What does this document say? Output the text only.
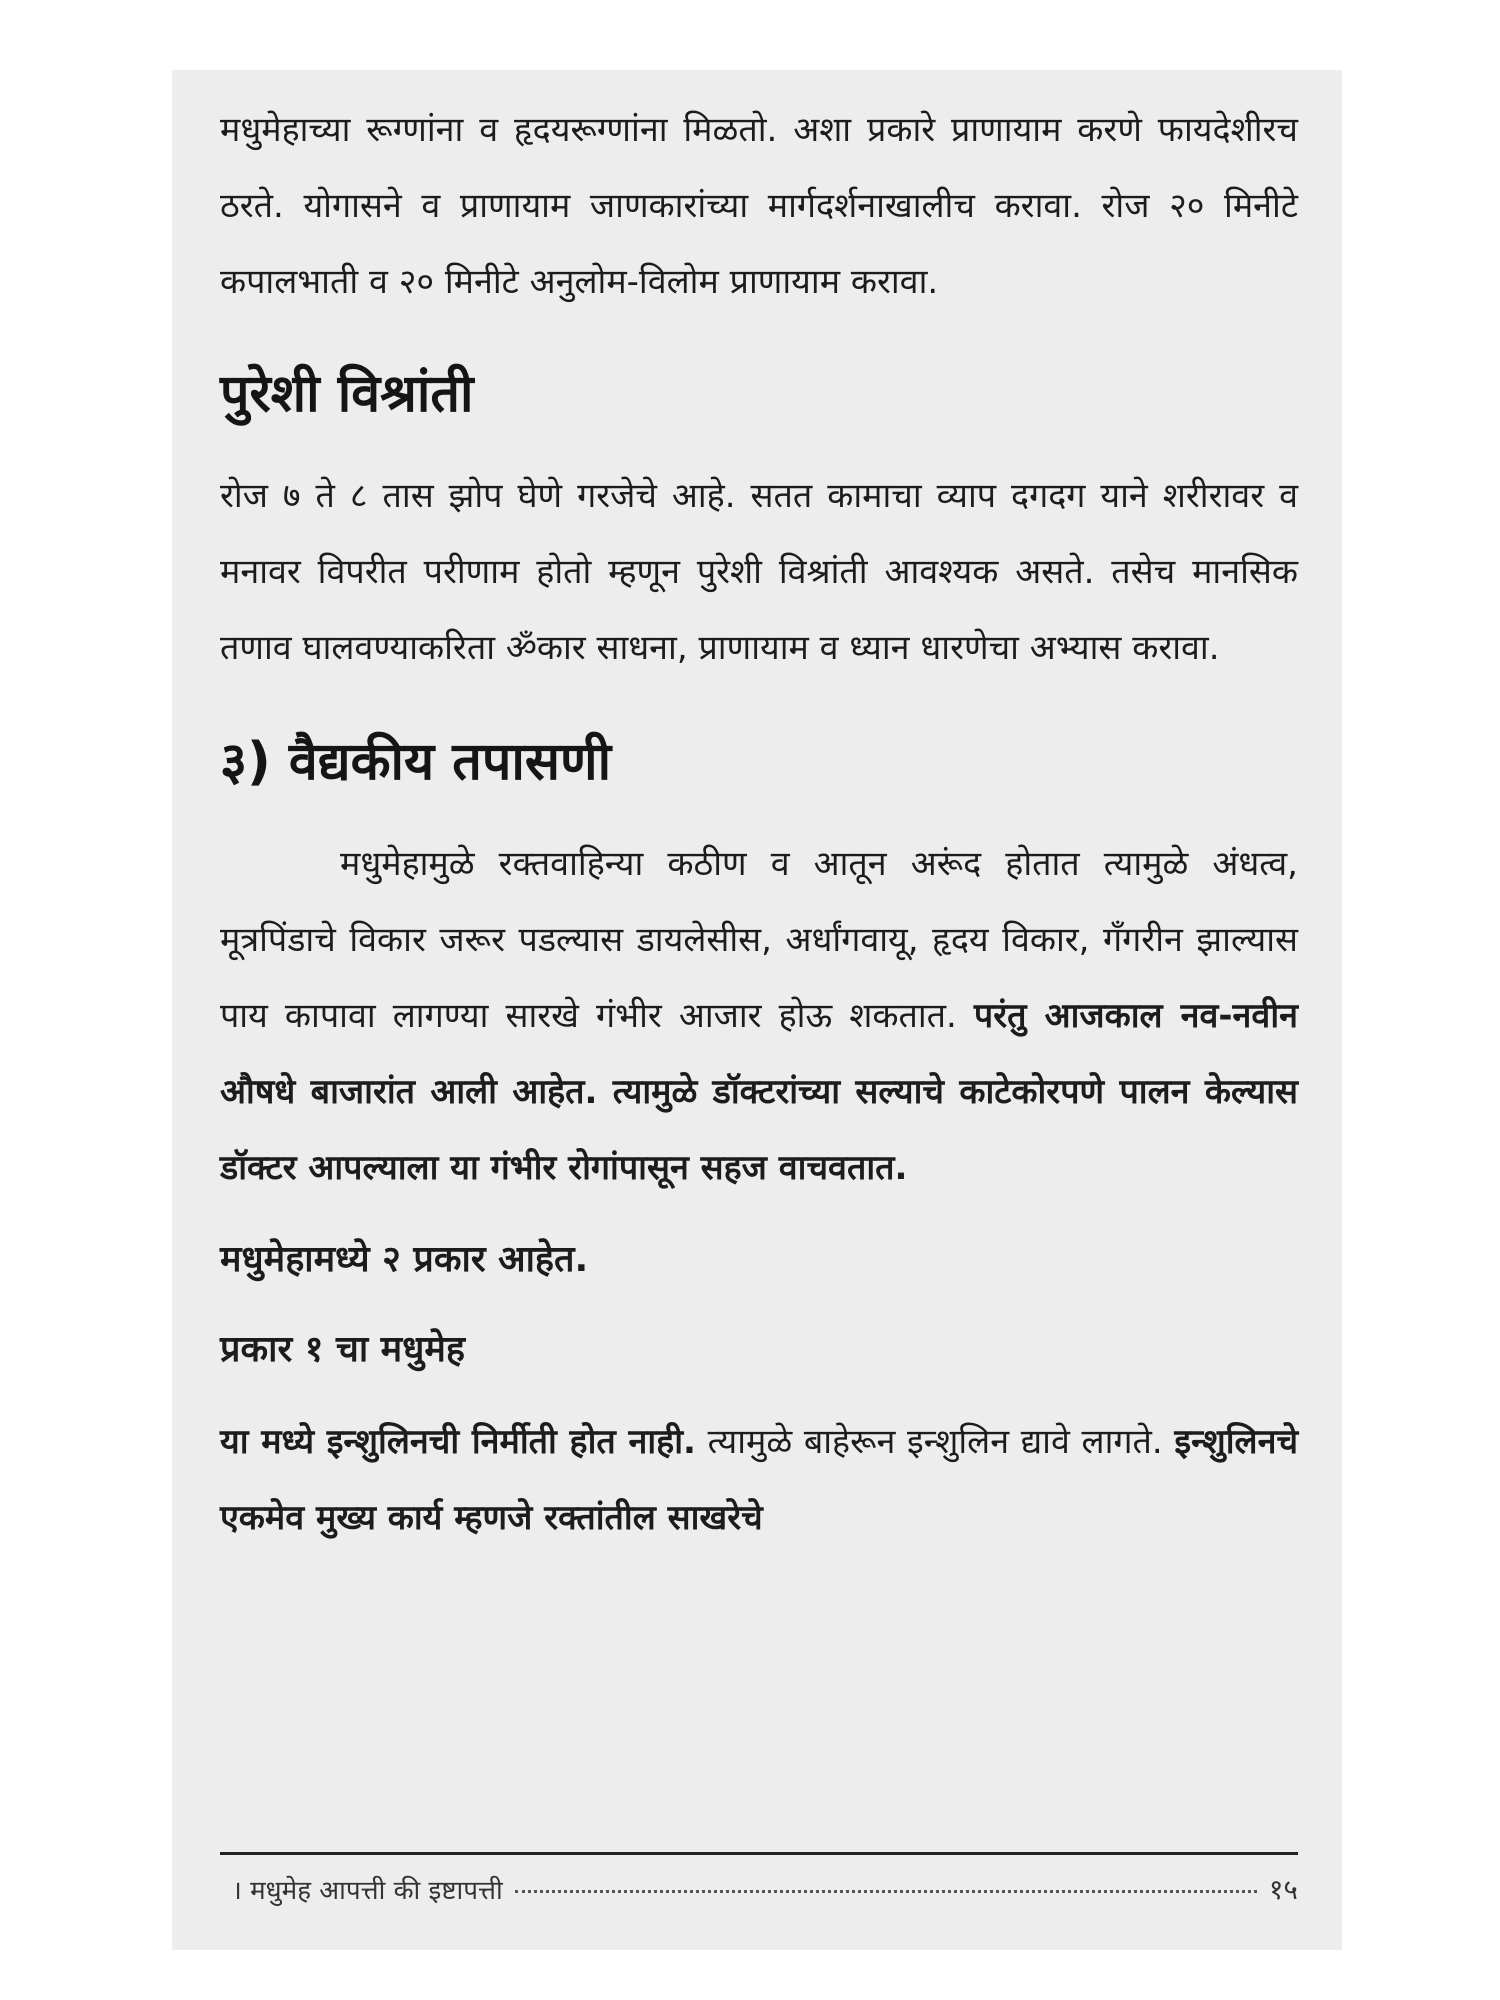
मधुमेहाच्या रूग्णांना व हृदयरूग्णांना मिळतो. अशा प्रकारे प्राणायाम करणे फायदेशीरच ठरते. योगासने व प्राणायाम जाणकारांच्या मार्गदर्शनाखालीच करावा. रोज २० मिनीटे कपालभाती व २० मिनीटे अनुलोम-विलोम प्राणायाम करावा.

पुरेशी विश्रांती

रोज ७ ते ८ तास झोप घेणे गरजेचे आहे. सतत कामाचा व्याप दगदग याने शरीरावर व मनावर विपरीत परीणाम होतो म्हणून पुरेशी विश्रांती आवश्यक असते. तसेच मानसिक तणाव घालवण्याकरिता ॐकार साधना, प्राणायाम व ध्यान धारणेचा अभ्यास करावा.

३) वैद्यकीय तपासणी

मधुमेहामुळे रक्तवाहिन्या कठीण व आतून अरूंद होतात त्यामुळे अंधत्व, मूत्रपिंडाचे विकार जरूर पडल्यास डायलेसीस, अर्धांगवायू, हृदय विकार, गँगरीन झाल्यास पाय कापावा लागण्या सारखे गंभीर आजार होऊ शकतात. परंतु आजकाल नव-नवीन औषधे बाजारांत आली आहेत. त्यामुळे डॉक्टरांच्या सल्याचे काटेकोरपणे पालन केल्यास डॉक्टर आपल्याला या गंभीर रोगांपासून सहज वाचवतात.

मधुमेहामध्ये २ प्रकार आहेत.

प्रकार १ चा मधुमेह

या मध्ये इन्शुलिनची निर्मीती होत नाही. त्यामुळे बाहेरून इन्शुलिन द्यावे लागते. इन्शुलिनचे एकमेव मुख्य कार्य म्हणजे रक्तांतील साखरेचे

। मधुमेह आपत्ती की इष्टापत्ती	१५
